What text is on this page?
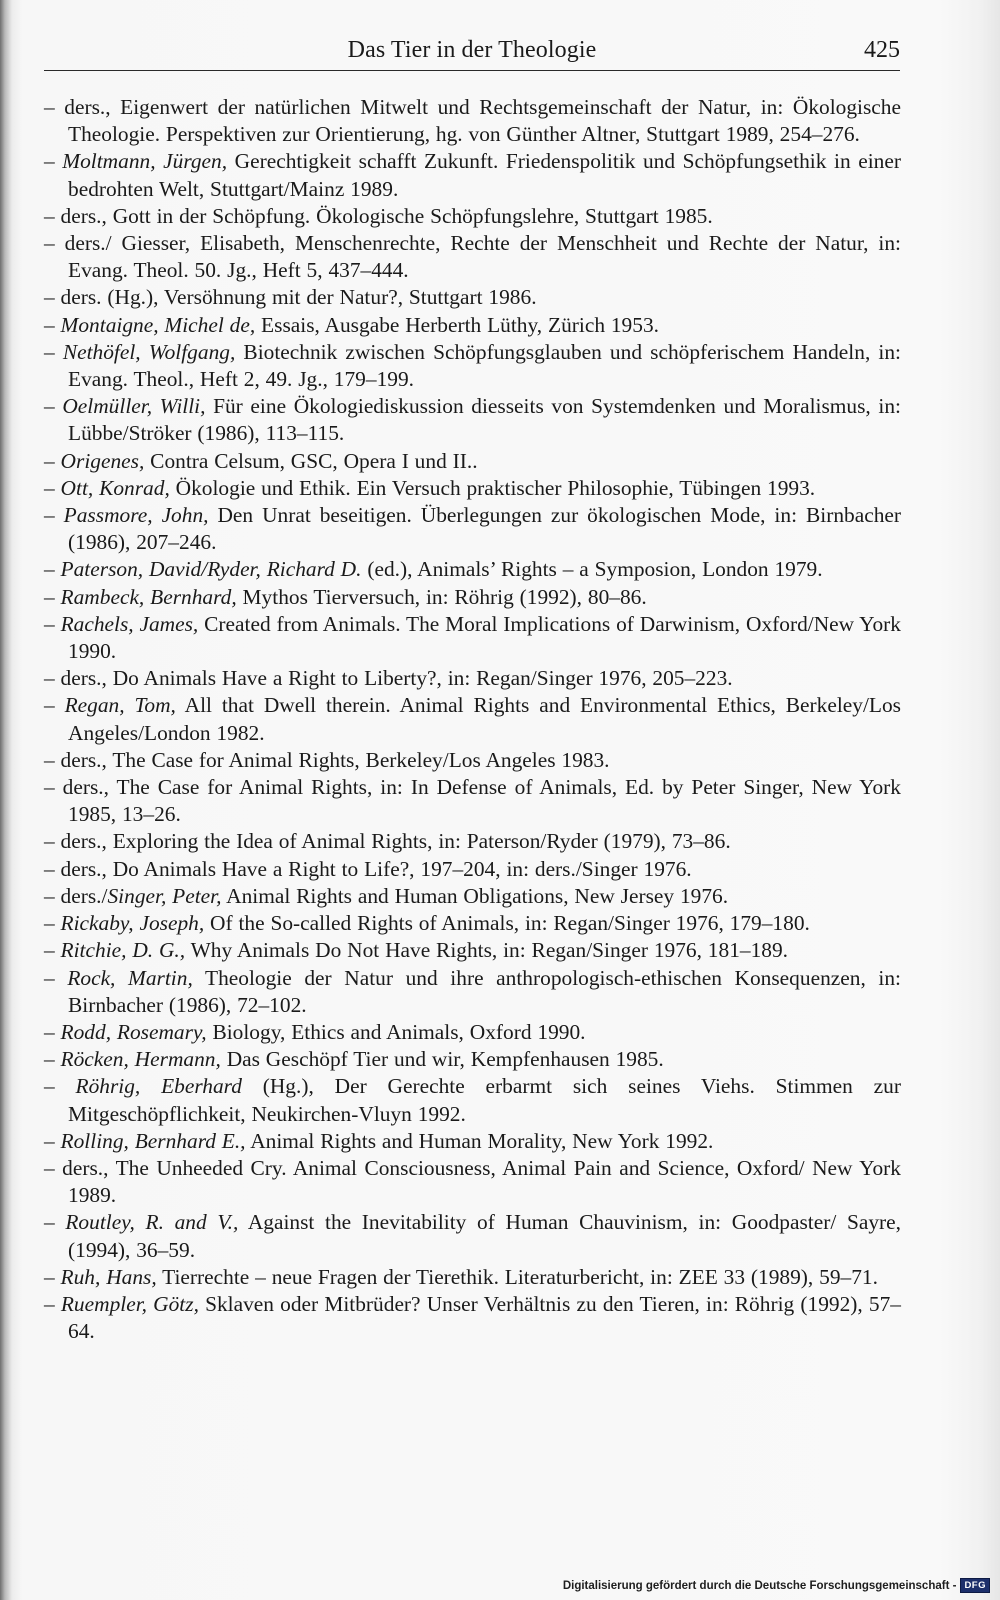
Das Tier in der Theologie	425
– ders., Eigenwert der natürlichen Mitwelt und Rechtsgemeinschaft der Natur, in: Ökologische Theologie. Perspektiven zur Orientierung, hg. von Günther Altner, Stuttgart 1989, 254–276.
– Moltmann, Jürgen, Gerechtigkeit schafft Zukunft. Friedenspolitik und Schöpfungsethik in einer bedrohten Welt, Stuttgart/Mainz 1989.
– ders., Gott in der Schöpfung. Ökologische Schöpfungslehre, Stuttgart 1985.
– ders./ Giesser, Elisabeth, Menschenrechte, Rechte der Menschheit und Rechte der Natur, in: Evang. Theol. 50. Jg., Heft 5, 437–444.
– ders. (Hg.), Versöhnung mit der Natur?, Stuttgart 1986.
– Montaigne, Michel de, Essais, Ausgabe Herberth Lüthy, Zürich 1953.
– Nethöfel, Wolfgang, Biotechnik zwischen Schöpfungsglauben und schöpferischem Handeln, in: Evang. Theol., Heft 2, 49. Jg., 179–199.
– Oelmüller, Willi, Für eine Ökologiediskussion diesseits von Systemdenken und Moralismus, in: Lübbe/Ströker (1986), 113–115.
– Origenes, Contra Celsum, GSC, Opera I und II..
– Ott, Konrad, Ökologie und Ethik. Ein Versuch praktischer Philosophie, Tübingen 1993.
– Passmore, John, Den Unrat beseitigen. Überlegungen zur ökologischen Mode, in: Birnbacher (1986), 207–246.
– Paterson, David/Ryder, Richard D. (ed.), Animals’ Rights – a Symposion, London 1979.
– Rambeck, Bernhard, Mythos Tierversuch, in: Röhrig (1992), 80–86.
– Rachels, James, Created from Animals. The Moral Implications of Darwinism, Oxford/New York 1990.
– ders., Do Animals Have a Right to Liberty?, in: Regan/Singer 1976, 205–223.
– Regan, Tom, All that Dwell therein. Animal Rights and Environmental Ethics, Berkeley/Los Angeles/London 1982.
– ders., The Case for Animal Rights, Berkeley/Los Angeles 1983.
– ders., The Case for Animal Rights, in: In Defense of Animals, Ed. by Peter Singer, New York 1985, 13–26.
– ders., Exploring the Idea of Animal Rights, in: Paterson/Ryder (1979), 73–86.
– ders., Do Animals Have a Right to Life?, 197–204, in: ders./Singer 1976.
– ders./Singer, Peter, Animal Rights and Human Obligations, New Jersey 1976.
– Rickaby, Joseph, Of the So-called Rights of Animals, in: Regan/Singer 1976, 179–180.
– Ritchie, D. G., Why Animals Do Not Have Rights, in: Regan/Singer 1976, 181–189.
– Rock, Martin, Theologie der Natur und ihre anthropologisch-ethischen Konsequenzen, in: Birnbacher (1986), 72–102.
– Rodd, Rosemary, Biology, Ethics and Animals, Oxford 1990.
– Röcken, Hermann, Das Geschöpf Tier und wir, Kempfenhausen 1985.
– Röhrig, Eberhard (Hg.), Der Gerechte erbarmt sich seines Viehs. Stimmen zur Mitgeschöpflichkeit, Neukirchen-Vluyn 1992.
– Rolling, Bernhard E., Animal Rights and Human Morality, New York 1992.
– ders., The Unheeded Cry. Animal Consciousness, Animal Pain and Science, Oxford/ New York 1989.
– Routley, R. and V., Against the Inevitability of Human Chauvinism, in: Goodpaster/ Sayre, (1994), 36–59.
– Ruh, Hans, Tierrechte – neue Fragen der Tierethik. Literaturbericht, in: ZEE 33 (1989), 59–71.
– Ruempler, Götz, Sklaven oder Mitbrüder? Unser Verhältnis zu den Tieren, in: Röhrig (1992), 57–64.
Digitalisierung gefördert durch die Deutsche Forschungsgemeinschaft - DFG
